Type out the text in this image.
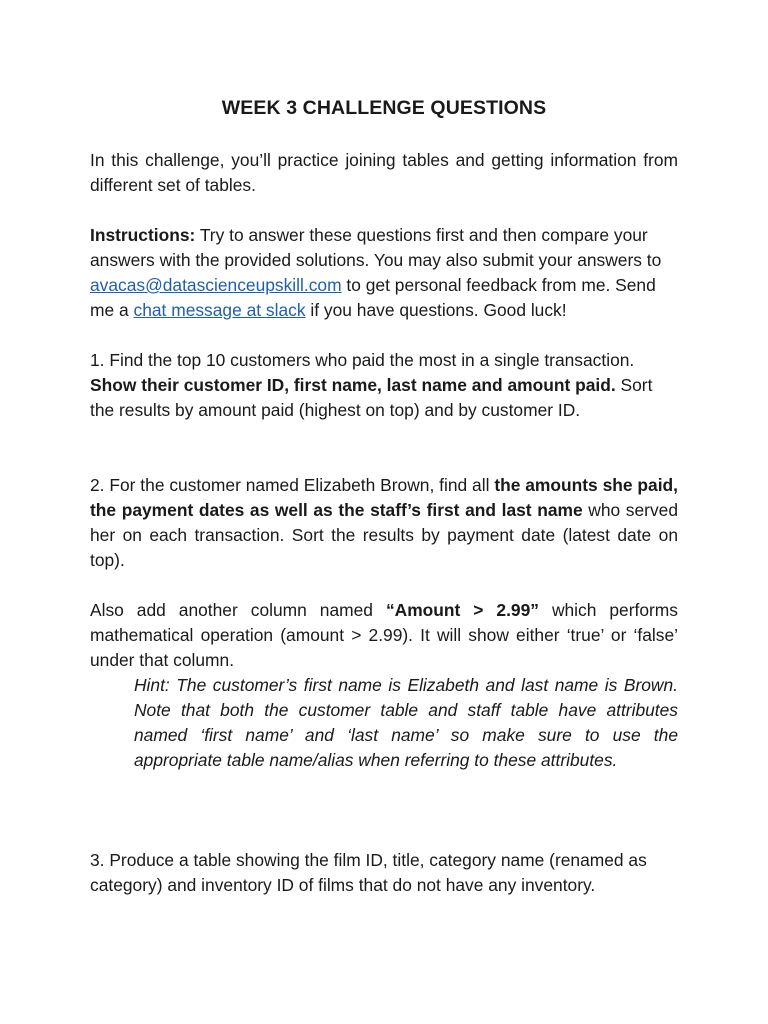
WEEK 3 CHALLENGE QUESTIONS

In this challenge, you’ll practice joining tables and getting information from different set of tables.

Instructions: Try to answer these questions first and then compare your answers with the provided solutions. You may also submit your answers to avacas@datascienceupskill.com to get personal feedback from me. Send me a chat message at slack if you have questions. Good luck!

1. Find the top 10 customers who paid the most in a single transaction. Show their customer ID, first name, last name and amount paid. Sort the results by amount paid (highest on top) and by customer ID.

2. For the customer named Elizabeth Brown, find all the amounts she paid, the payment dates as well as the staff’s first and last name who served her on each transaction. Sort the results by payment date (latest date on top).

Also add another column named “Amount > 2.99” which performs mathematical operation (amount > 2.99). It will show either ‘true’ or ‘false’ under that column.

Hint: The customer’s first name is Elizabeth and last name is Brown. Note that both the customer table and staff table have attributes named ‘first name’ and ‘last name’ so make sure to use the appropriate table name/alias when referring to these attributes.

3. Produce a table showing the film ID, title, category name (renamed as category) and inventory ID of films that do not have any inventory.
